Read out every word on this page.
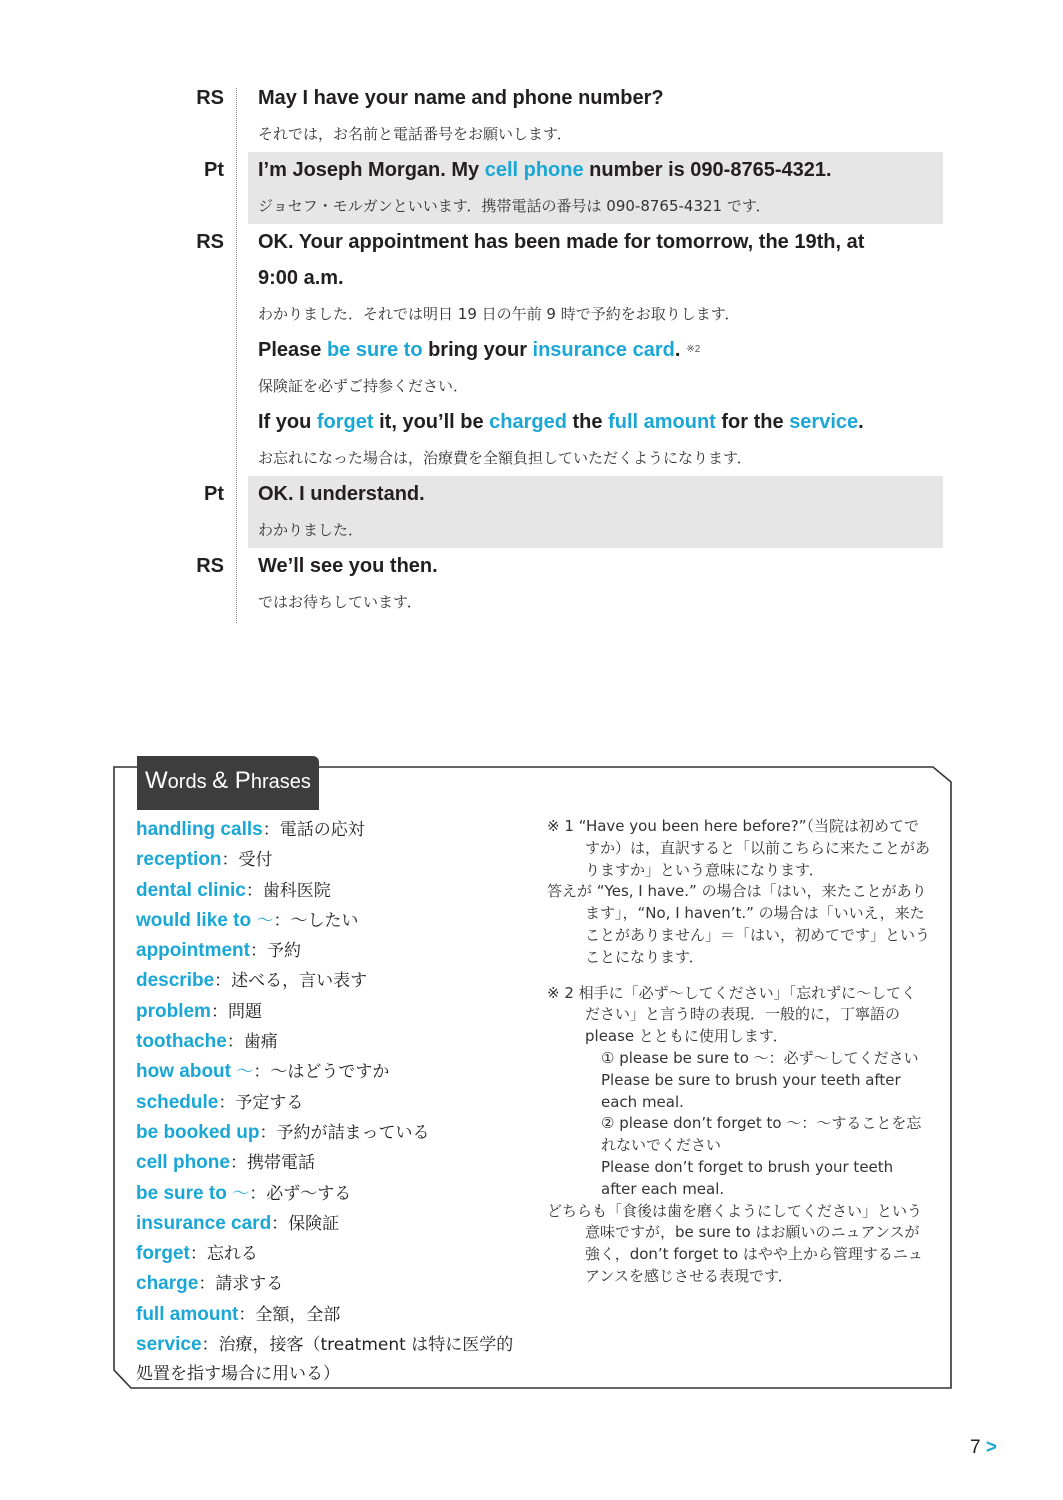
RS May I have your name and phone number?
それでは，お名前と電話番号をお願いします．
Pt I’m Joseph Morgan. My cell phone number is 090-8765-4321.
ジョセフ・モルガンといいます．携帯電話の番号は 090-8765-4321 です．
RS OK. Your appointment has been made for tomorrow, the 19th, at
9:00 a.m.
わかりました．それでは明日 19 日の午前 9 時で予約をお取りします．
Please be sure to bring your insurance card. $^{※2}$
保険証を必ずご持参ください．
If you forget it, you’ll be charged the full amount for the service.
お忘れになった場合は，治療費を全額負担していただくようになります．
Pt OK. I understand.
わかりました．
RS We’ll see you then.
ではお待ちしています．
Words & Phrases
handling calls：電話の応対
reception：受付
dental clinic：歯科医院
would like to ～：～したい
appointment：予約
describe：述べる，言い表す
problem：問題
toothache：歯痛
how about ～：～はどうですか
schedule：予定する
be booked up：予約が詰まっている
cell phone：携帯電話
be sure to ～：必ず～する
insurance card：保険証
forget：忘れる
charge：請求する
full amount：全額，全部
service：治療，接客（treatment は特に医学的処置を指す場合に用いる）
※ 1 “Have you been here before?”（当院は初めてですか）は，直訳すると「以前こちらに来たことがありますか」という意味になります．
答えが “Yes, I have.” の場合は「はい，来たことがあります」，“No, I haven’t.” の場合は「いいえ，来たことがありません」＝「はい，初めてです」ということになります．
※ 2 相手に「必ず～してください」「忘れずに～してください」と言う時の表現．一般的に，丁寧語の please とともに使用します．
① please be sure to ～：必ず～してください
Please be sure to brush your teeth after each meal.
② please don’t forget to ～：～することを忘れないでください
Please don’t forget to brush your teeth after each meal.
どちらも「食後は歯を磨くようにしてください」という意味ですが，be sure to はお願いのニュアンスが強く，don’t forget to はやや上から管理するニュアンスを感じさせる表現です．
7 >
